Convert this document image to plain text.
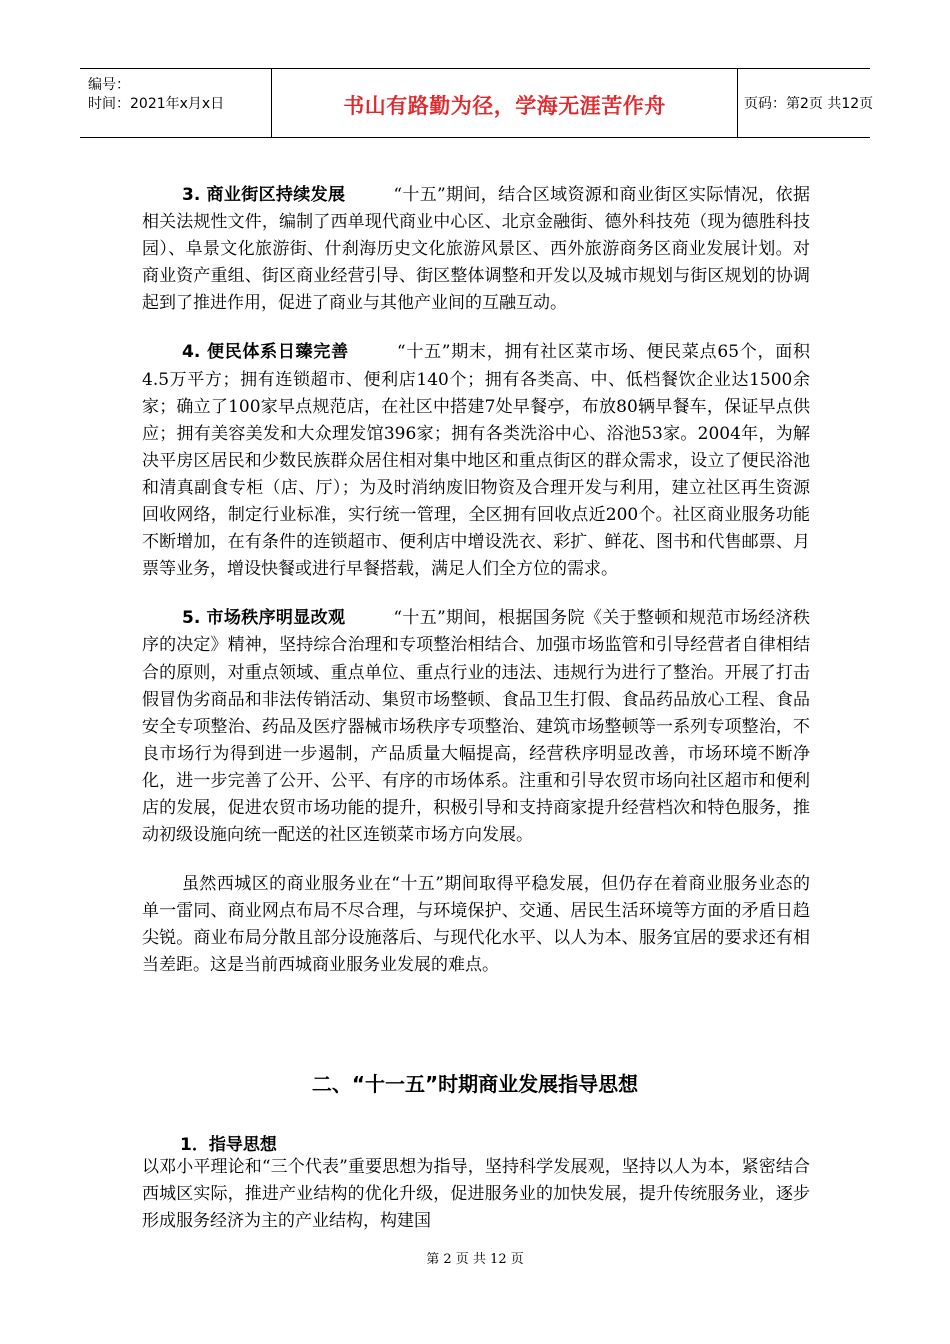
编号：
时间：2021年x月x日	书山有路勤为径，学海无涯苦作舟	页码：第2页 共12页

3. 商业街区持续发展	“十五”期间，结合区域资源和商业街区实际情况，依据相关法规性文件，编制了西单现代商业中心区、北京金融街、德外科技苑（现为德胜科技园）、阜景文化旅游街、什刹海历史文化旅游风景区、西外旅游商务区商业发展计划。对商业资产重组、街区商业经营引导、街区整体调整和开发以及城市规划与街区规划的协调起到了推进作用，促进了商业与其他产业间的互融互动。

4. 便民体系日臻完善	“十五”期末，拥有社区菜市场、便民菜点65个，面积4.5万平方；拥有连锁超市、便利店140个；拥有各类高、中、低档餐饮企业达1500余家；确立了100家早点规范店，在社区中搭建7处早餐亭，布放80辆早餐车，保证早点供应；拥有美容美发和大众理发馆396家；拥有各类洗浴中心、浴池53家。2004年，为解决平房区居民和少数民族群众居住相对集中地区和重点街区的群众需求，设立了便民浴池和清真副食专柜（店、厅）；为及时消纳废旧物资及合理开发与利用，建立社区再生资源回收网络，制定行业标准，实行统一管理，全区拥有回收点近200个。社区商业服务功能不断增加，在有条件的连锁超市、便利店中增设洗衣、彩扩、鲜花、图书和代售邮票、月票等业务，增设快餐或进行早餐搭载，满足人们全方位的需求。

5. 市场秩序明显改观	“十五”期间，根据国务院《关于整顿和规范市场经济秩序的决定》精神，坚持综合治理和专项整治相结合、加强市场监管和引导经营者自律相结合的原则，对重点领域、重点单位、重点行业的违法、违规行为进行了整治。开展了打击假冒伪劣商品和非法传销活动、集贸市场整顿、食品卫生打假、食品药品放心工程、食品安全专项整治、药品及医疗器械市场秩序专项整治、建筑市场整顿等一系列专项整治，不良市场行为得到进一步遏制，产品质量大幅提高，经营秩序明显改善，市场环境不断净化，进一步完善了公开、公平、有序的市场体系。注重和引导农贸市场向社区超市和便利店的发展，促进农贸市场功能的提升，积极引导和支持商家提升经营档次和特色服务，推动初级设施向统一配送的社区连锁菜市场方向发展。

虽然西城区的商业服务业在“十五”期间取得平稳发展，但仍存在着商业服务业态的单一雷同、商业网点布局不尽合理，与环境保护、交通、居民生活环境等方面的矛盾日趋尖锐。商业布局分散且部分设施落后、与现代化水平、以人为本、服务宜居的要求还有相当差距。这是当前西城商业服务业发展的难点。

二、“十一五”时期商业发展指导思想
1．指导思想

以邓小平理论和“三个代表”重要思想为指导，坚持科学发展观，坚持以人为本，紧密结合西城区实际，推进产业结构的优化升级，促进服务业的加快发展，提升传统服务业，逐步形成服务经济为主的产业结构，构建国

第 2 页 共 12 页
